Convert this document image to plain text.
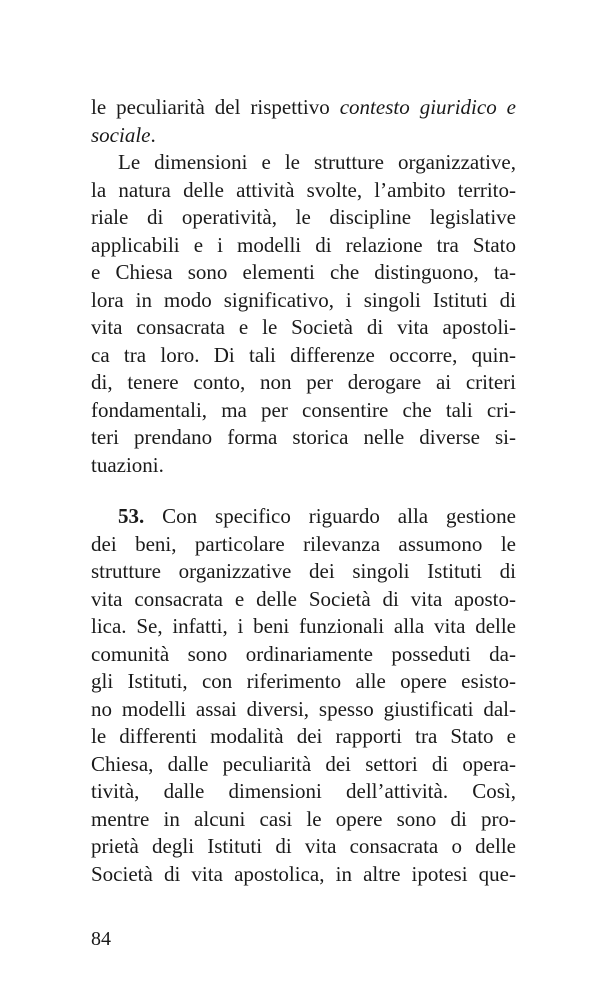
le peculiarità del rispettivo contesto giuridico e
sociale.
Le dimensioni e le strutture organizzative,
la natura delle attività svolte, l’ambito territo-
riale di operatività, le discipline legislative
applicabili e i modelli di relazione tra Stato
e Chiesa sono elementi che distinguono, ta-
lora in modo significativo, i singoli Istituti di
vita consacrata e le Società di vita apostoli-
ca tra loro. Di tali differenze occorre, quin-
di, tenere conto, non per derogare ai criteri
fondamentali, ma per consentire che tali cri-
teri prendano forma storica nelle diverse si-
tuazioni.
53. Con specifico riguardo alla gestione
dei beni, particolare rilevanza assumono le
strutture organizzative dei singoli Istituti di
vita consacrata e delle Società di vita aposto-
lica. Se, infatti, i beni funzionali alla vita delle
comunità sono ordinariamente posseduti da-
gli Istituti, con riferimento alle opere esisto-
no modelli assai diversi, spesso giustificati dal-
le differenti modalità dei rapporti tra Stato e
Chiesa, dalle peculiarità dei settori di opera-
tività, dalle dimensioni dell’attività. Così,
mentre in alcuni casi le opere sono di pro-
prietà degli Istituti di vita consacrata o delle
Società di vita apostolica, in altre ipotesi que-
84
